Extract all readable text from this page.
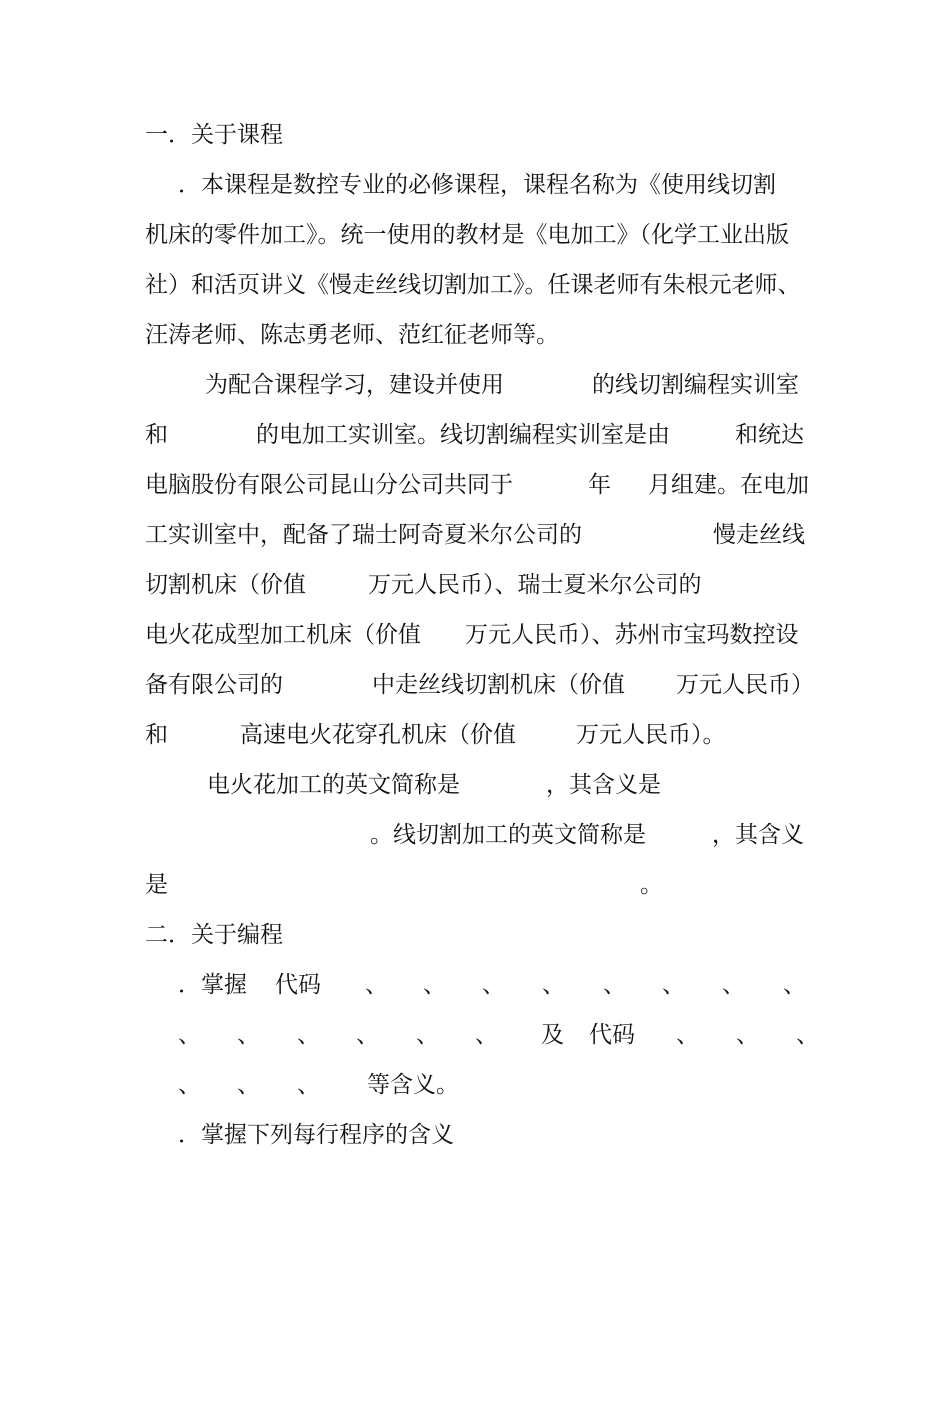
一．关于课程

．本课程是数控专业的必修课程，课程名称为《使用线切割

机床的零件加工》。统一使用的教材是《电加工》（化学工业出版

社）和活页讲义《慢走丝线切割加工》。任课老师有朱根元老师、

汪涛老师、陈志勇老师、范红征老师等。

为配合课程学习，建设并使用

	的线切割编程实训室

和

	的电加工实训室。线切割编程实训室是由

	和统达

电脑股份有限公司昆山分公司共同于

	年

月组建。在电加

工实训室中，配备了瑞士阿奇夏米尔公司的

	慢走丝线

切割机床（价值

	万元人民币）、瑞士夏米尔公司的

电火花成型加工机床（价值

万元人民币）、苏州市宝玛数控设

备有限公司的

	中走丝线切割机床（价值

万元人民币）

和

	高速电火花穿孔机床（价值

	万元人民币）。

电火花加工的英文简称是

	，其含义是

。线切割加工的英文简称是

	，其含义

是

	。

二．关于编程

．掌握

代码

、

、

、

、

、

、

、

、

、

、

、

、

、

、

及

代码

、

、

、

、

、

、

等含义。

．掌握下列每行程序的含义
